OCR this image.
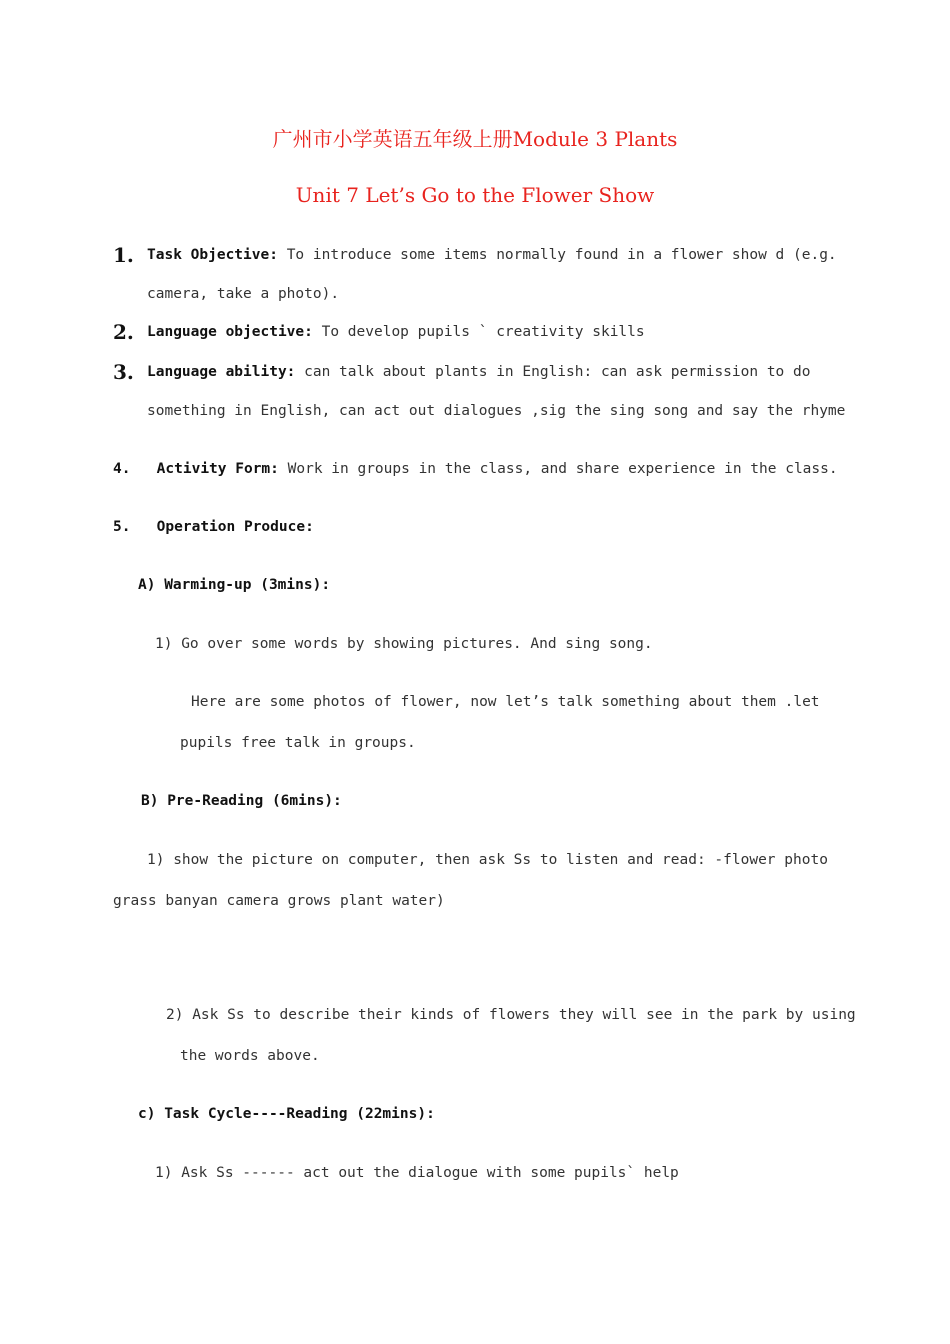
广州市小学英语五年级上册Module 3 Plants
Unit 7 Let’s Go to the Flower Show
1. Task Objective: To introduce some items normally found in a flower show d (e.g.
camera, take a photo).
2. Language objective: To develop pupils ` creativity skills
3. Language ability: can talk about plants in English: can ask permission to do
something in English, can act out dialogues ,sig the sing song and say the rhyme
4. Activity Form: Work in groups in the class, and share experience in the class.
5. Operation Produce:
A) Warming-up (3mins):
1) Go over some words by showing pictures. And sing song.
Here are some photos of flower, now let’s talk something about them .let
pupils free talk in groups.
B) Pre-Reading (6mins):
1) show the picture on computer, then ask Ss to listen and read: -flower photo
grass banyan camera grows plant water)
2) Ask Ss to describe their kinds of flowers they will see in the park by using
the words above.
c) Task Cycle----Reading (22mins):
1) Ask Ss ------ act out the dialogue with some pupils` help
